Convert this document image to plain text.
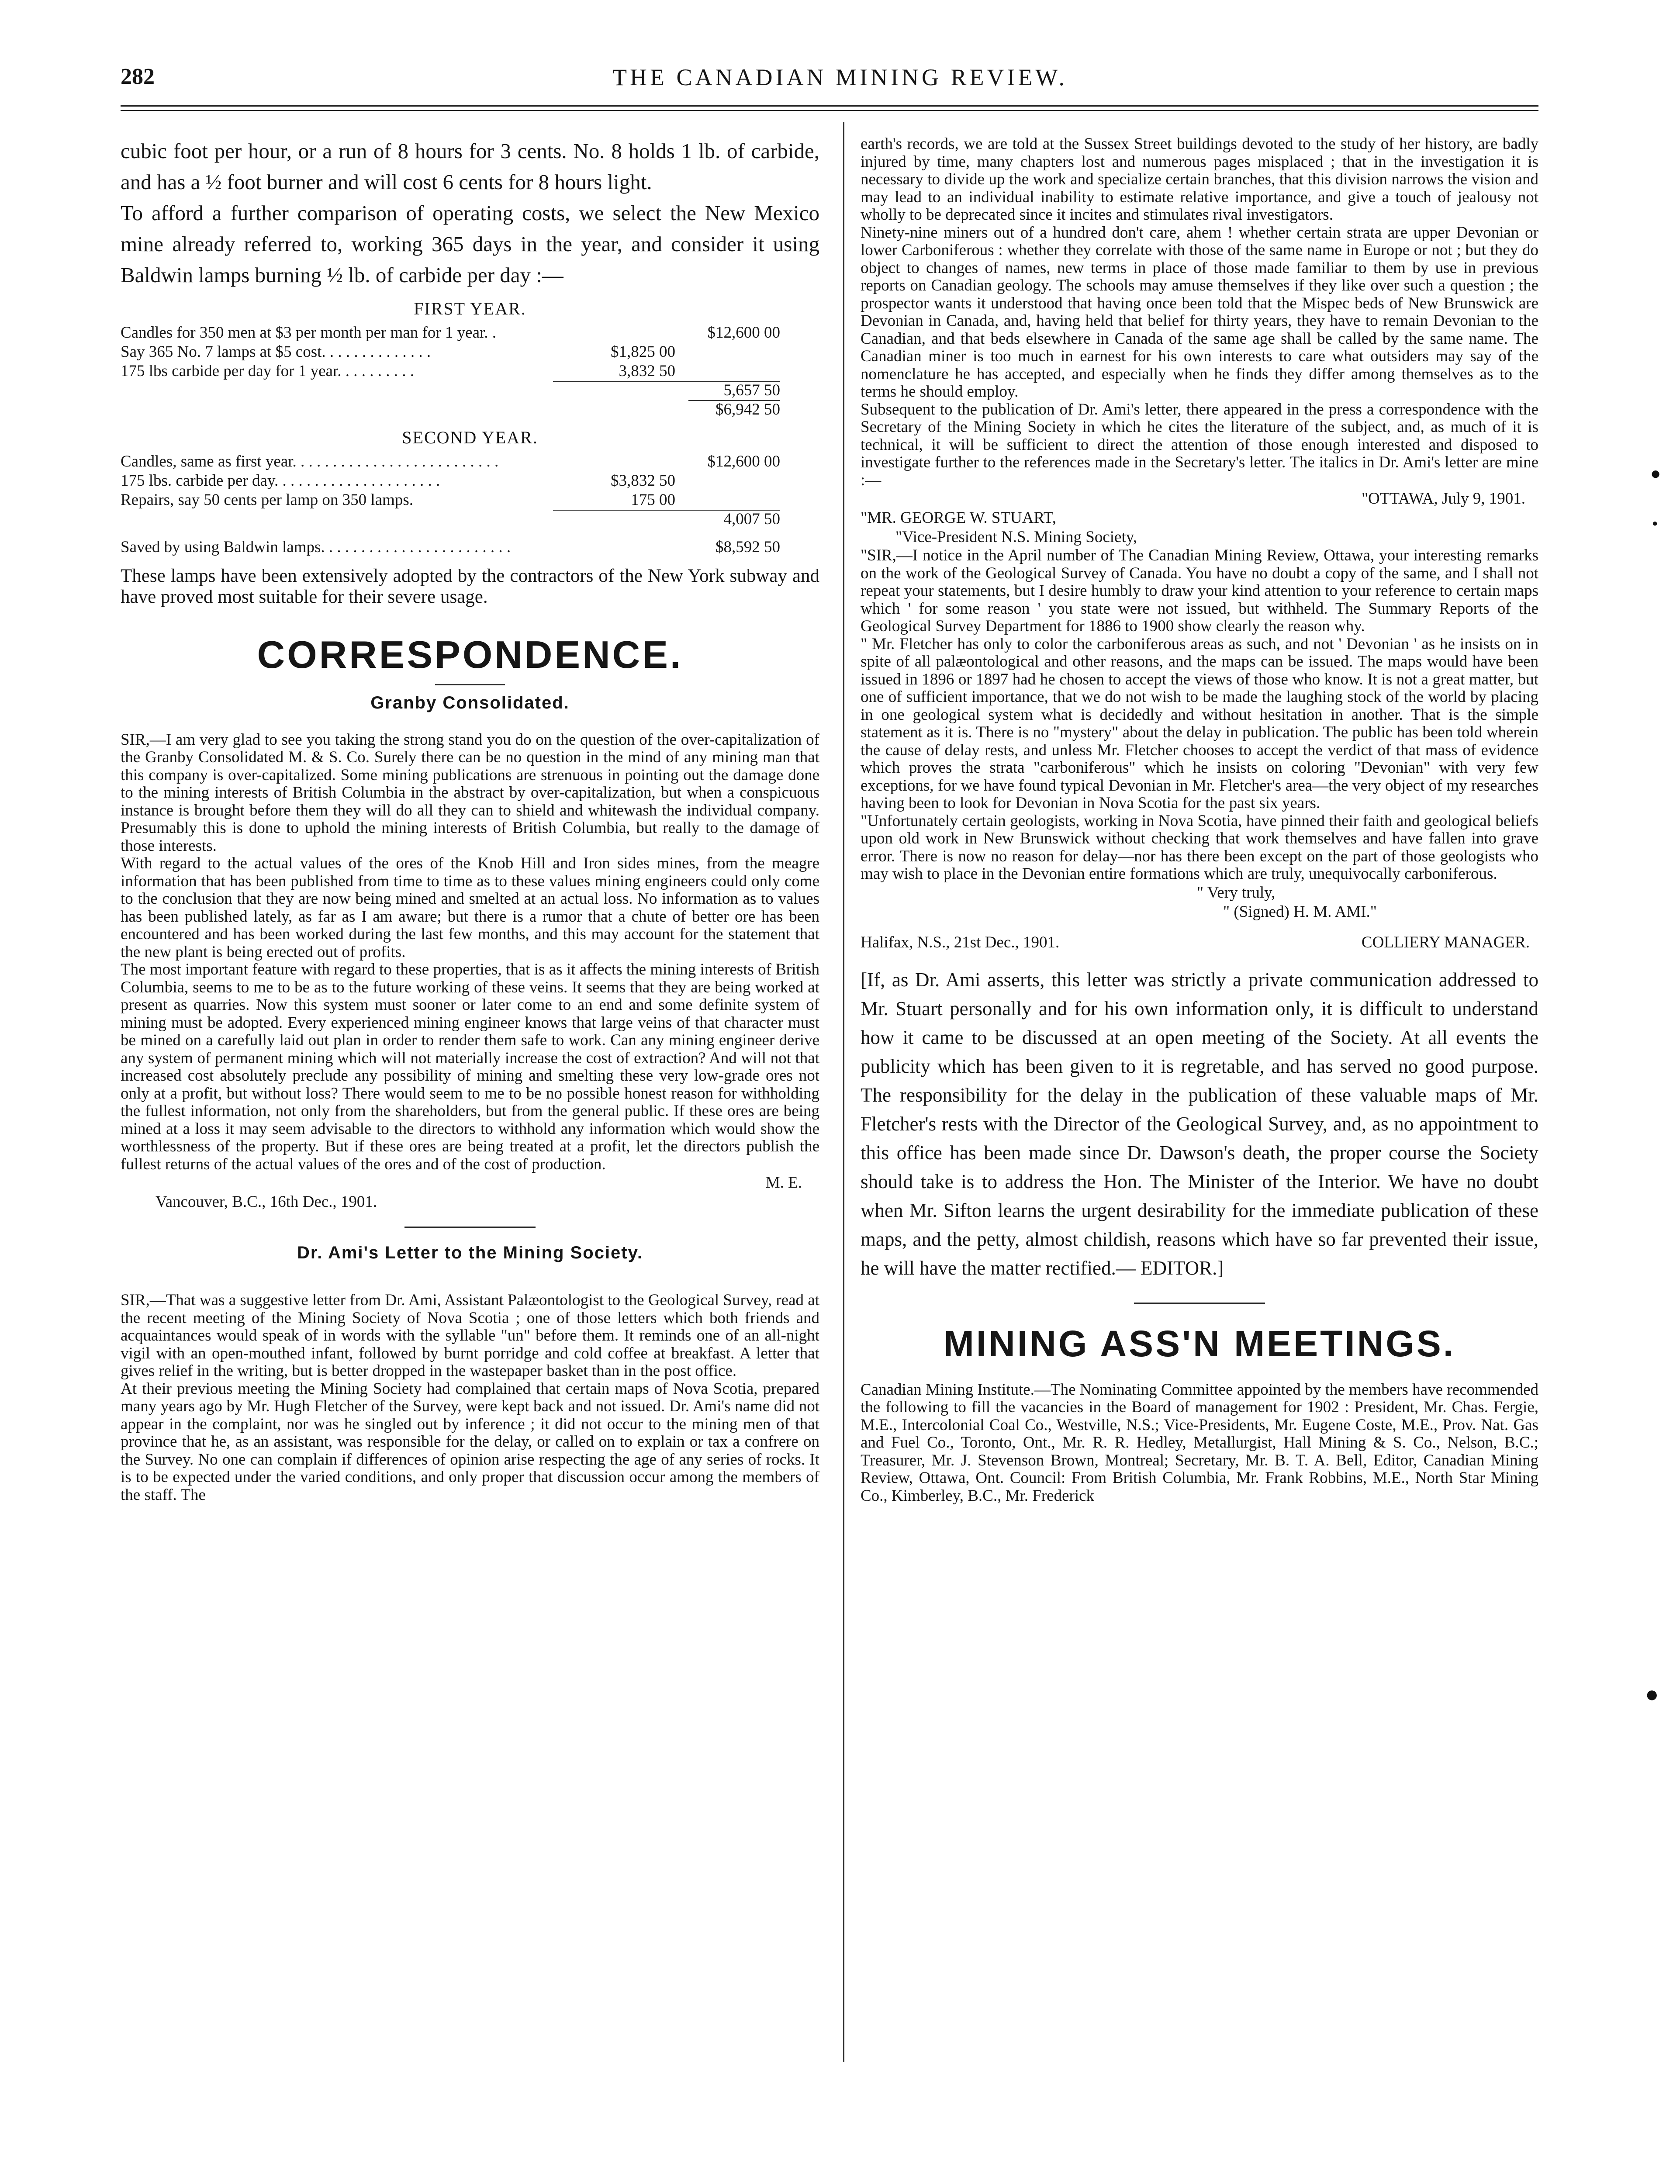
282	THE CANADIAN MINING REVIEW.

cubic foot per hour, or a run of 8 hours for 3 cents. No. 8 holds 1 lb. of carbide, and has a ½ foot burner and will cost 6 cents for 8 hours light.

To afford a further comparison of operating costs, we select the New Mexico mine already referred to, working 365 days in the year, and consider it using Baldwin lamps burning ½ lb. of carbide per day :—

FIRST YEAR.
Candles for 350 men at $3 per month per man for 1 year. .	$12,600 00
Say 365 No. 7 lamps at $5 cost. . . . . . . . . . . . . .	$1,825 00
175 lbs carbide per day for 1 year. . . . . . . . . .	3,832 50
5,657 50
$6,942 50
SECOND YEAR.
Candles, same as first year. . . . . . . . . . . . . . . . . . . . . . . . . .	$12,600 00
175 lbs. carbide per day. . . . . . . . . . . . . . . . . . . . .	$3,832 50
Repairs, say 50 cents per lamp on 350 lamps.	175 00
4,007 50
Saved by using Baldwin lamps. . . . . . . . . . . . . . . . . . . . . . . .	$8,592 50

These lamps have been extensively adopted by the contractors of the New York subway and have proved most suitable for their severe usage.

CORRESPONDENCE.
Granby Consolidated.

SIR,—I am very glad to see you taking the strong stand you do on the question of the over-capitalization of the Granby Consolidated M. & S. Co. Surely there can be no question in the mind of any mining man that this company is over-capitalized. Some mining publications are strenuous in pointing out the damage done to the mining interests of British Columbia in the abstract by over-capitalization, but when a conspicuous instance is brought before them they will do all they can to shield and whitewash the individual company. Presumably this is done to uphold the mining interests of British Columbia, but really to the damage of those interests.

With regard to the actual values of the ores of the Knob Hill and Iron sides mines, from the meagre information that has been published from time to time as to these values mining engineers could only come to the conclusion that they are now being mined and smelted at an actual loss. No information as to values has been published lately, as far as I am aware; but there is a rumor that a chute of better ore has been encountered and has been worked during the last few months, and this may account for the statement that the new plant is being erected out of profits.

The most important feature with regard to these properties, that is as it affects the mining interests of British Columbia, seems to me to be as to the future working of these veins. It seems that they are being worked at present as quarries. Now this system must sooner or later come to an end and some definite system of mining must be adopted. Every experienced mining engineer knows that large veins of that character must be mined on a carefully laid out plan in order to render them safe to work. Can any mining engineer derive any system of permanent mining which will not materially increase the cost of extraction? And will not that increased cost absolutely preclude any possibility of mining and smelting these very low-grade ores not only at a profit, but without loss? There would seem to me to be no possible honest reason for withholding the fullest information, not only from the shareholders, but from the general public. If these ores are being mined at a loss it may seem advisable to the directors to withhold any information which would show the worthlessness of the property. But if these ores are being treated at a profit, let the directors publish the fullest returns of the actual values of the ores and of the cost of production.

M. E.

Vancouver, B.C., 16th Dec., 1901.

Dr. Ami's Letter to the Mining Society.

SIR,—That was a suggestive letter from Dr. Ami, Assistant Palæontologist to the Geological Survey, read at the recent meeting of the Mining Society of Nova Scotia ; one of those letters which both friends and acquaintances would speak of in words with the syllable "un" before them. It reminds one of an all-night vigil with an open-mouthed infant, followed by burnt porridge and cold coffee at breakfast. A letter that gives relief in the writing, but is better dropped in the wastepaper basket than in the post office.

At their previous meeting the Mining Society had complained that certain maps of Nova Scotia, prepared many years ago by Mr. Hugh Fletcher of the Survey, were kept back and not issued. Dr. Ami's name did not appear in the complaint, nor was he singled out by inference ; it did not occur to the mining men of that province that he, as an assistant, was responsible for the delay, or called on to explain or tax a confrere on the Survey. No one can complain if differences of opinion arise respecting the age of any series of rocks. It is to be expected under the varied conditions, and only proper that discussion occur among the members of the staff. The

earth's records, we are told at the Sussex Street buildings devoted to the study of her history, are badly injured by time, many chapters lost and numerous pages misplaced ; that in the investigation it is necessary to divide up the work and specialize certain branches, that this division narrows the vision and may lead to an individual inability to estimate relative importance, and give a touch of jealousy not wholly to be deprecated since it incites and stimulates rival investigators.

Ninety-nine miners out of a hundred don't care, ahem ! whether certain strata are upper Devonian or lower Carboniferous : whether they correlate with those of the same name in Europe or not ; but they do object to changes of names, new terms in place of those made familiar to them by use in previous reports on Canadian geology. The schools may amuse themselves if they like over such a question ; the prospector wants it understood that having once been told that the Mispec beds of New Brunswick are Devonian in Canada, and, having held that belief for thirty years, they have to remain Devonian to the Canadian, and that beds elsewhere in Canada of the same age shall be called by the same name. The Canadian miner is too much in earnest for his own interests to care what outsiders may say of the nomenclature he has accepted, and especially when he finds they differ among themselves as to the terms he should employ.

Subsequent to the publication of Dr. Ami's letter, there appeared in the press a correspondence with the Secretary of the Mining Society in which he cites the literature of the subject, and, as much of it is technical, it will be sufficient to direct the attention of those enough interested and disposed to investigate further to the references made in the Secretary's letter. The italics in Dr. Ami's letter are mine :—

"OTTAWA, July 9, 1901.

"MR. GEORGE W. STUART,

"Vice-President N.S. Mining Society,

"SIR,—I notice in the April number of The Canadian Mining Review, Ottawa, your interesting remarks on the work of the Geological Survey of Canada. You have no doubt a copy of the same, and I shall not repeat your statements, but I desire humbly to draw your kind attention to your reference to certain maps which ' for some reason ' you state were not issued, but withheld. The Summary Reports of the Geological Survey Department for 1886 to 1900 show clearly the reason why.

" Mr. Fletcher has only to color the carboniferous areas as such, and not ' Devonian ' as he insists on in spite of all palæontological and other reasons, and the maps can be issued. The maps would have been issued in 1896 or 1897 had he chosen to accept the views of those who know. It is not a great matter, but one of sufficient importance, that we do not wish to be made the laughing stock of the world by placing in one geological system what is decidedly and without hesitation in another. That is the simple statement as it is. There is no "mystery" about the delay in publication. The public has been told wherein the cause of delay rests, and unless Mr. Fletcher chooses to accept the verdict of that mass of evidence which proves the strata "carboniferous" which he insists on coloring "Devonian" with very few exceptions, for we have found typical Devonian in Mr. Fletcher's area—the very object of my researches having been to look for Devonian in Nova Scotia for the past six years.

"Unfortunately certain geologists, working in Nova Scotia, have pinned their faith and geological beliefs upon old work in New Brunswick without checking that work themselves and have fallen into grave error. There is now no reason for delay—nor has there been except on the part of those geologists who may wish to place in the Devonian entire formations which are truly, unequivocally carboniferous.

" Very truly,

" (Signed) H. M. AMI."

Halifax, N.S., 21st Dec., 1901.	COLLIERY MANAGER.

[If, as Dr. Ami asserts, this letter was strictly a private communication addressed to Mr. Stuart personally and for his own information only, it is difficult to understand how it came to be discussed at an open meeting of the Society. At all events the publicity which has been given to it is regretable, and has served no good purpose. The responsibility for the delay in the publication of these valuable maps of Mr. Fletcher's rests with the Director of the Geological Survey, and, as no appointment to this office has been made since Dr. Dawson's death, the proper course the Society should take is to address the Hon. The Minister of the Interior. We have no doubt when Mr. Sifton learns the urgent desirability for the immediate publication of these maps, and the petty, almost childish, reasons which have so far prevented their issue, he will have the matter rectified.— EDITOR.]

MINING ASS'N MEETINGS.

Canadian Mining Institute.—The Nominating Committee appointed by the members have recommended the following to fill the vacancies in the Board of management for 1902 : President, Mr. Chas. Fergie, M.E., Intercolonial Coal Co., Westville, N.S.; Vice-Presidents, Mr. Eugene Coste, M.E., Prov. Nat. Gas and Fuel Co., Toronto, Ont., Mr. R. R. Hedley, Metallurgist, Hall Mining & S. Co., Nelson, B.C.; Treasurer, Mr. J. Stevenson Brown, Montreal; Secretary, Mr. B. T. A. Bell, Editor, Canadian Mining Review, Ottawa, Ont. Council: From British Columbia, Mr. Frank Robbins, M.E., North Star Mining Co., Kimberley, B.C., Mr. Frederick

●
●
●
